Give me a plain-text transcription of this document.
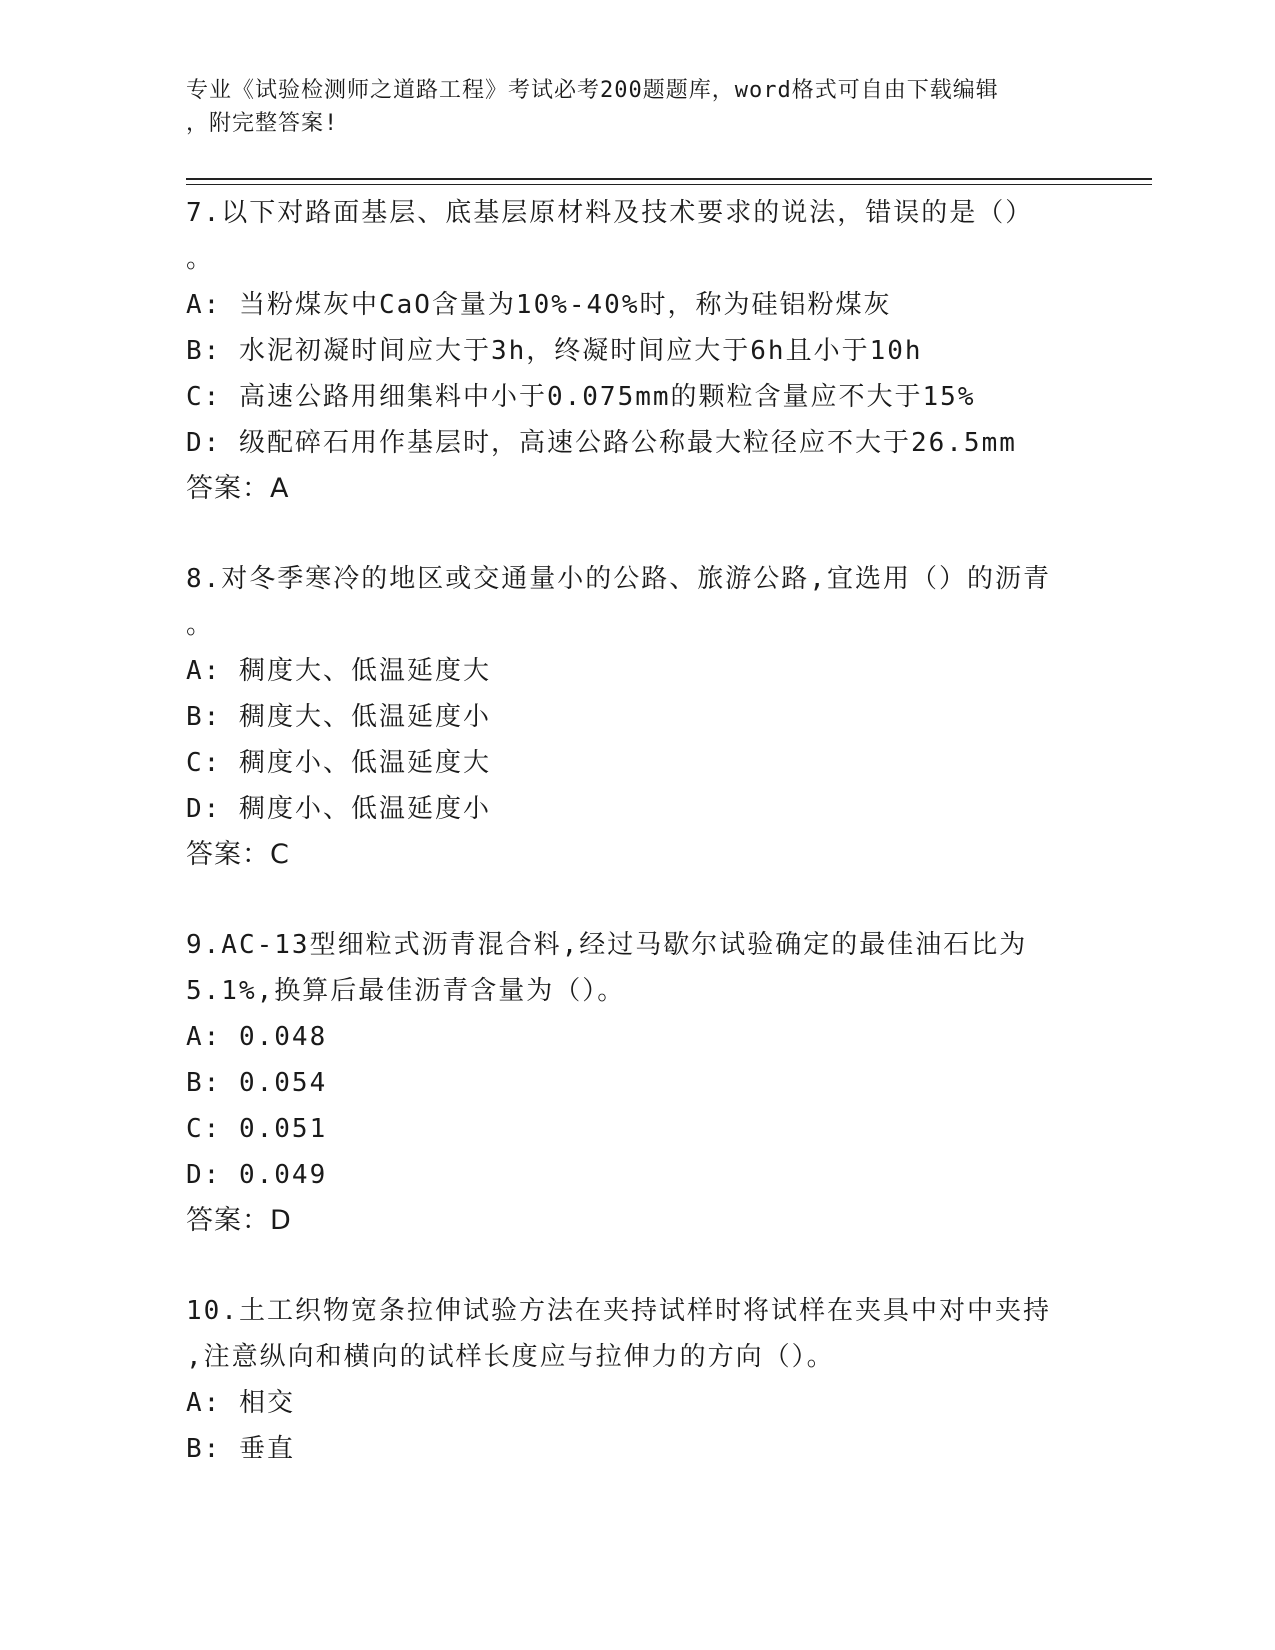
专业《试验检测师之道路工程》考试必考200题题库，word格式可自由下载编辑
，附完整答案!
7.以下对路面基层、底基层原材料及技术要求的说法，错误的是（）
。
A: 当粉煤灰中CaO含量为10%-40%时，称为硅铝粉煤灰
B: 水泥初凝时间应大于3h，终凝时间应大于6h且小于10h
C: 高速公路用细集料中小于0.075mm的颗粒含量应不大于15%
D: 级配碎石用作基层时，高速公路公称最大粒径应不大于26.5mm
答案：A
8.对冬季寒冷的地区或交通量小的公路、旅游公路,宜选用（）的沥青
。
A: 稠度大、低温延度大
B: 稠度大、低温延度小
C: 稠度小、低温延度大
D: 稠度小、低温延度小
答案：C
9.AC-13型细粒式沥青混合料,经过马歇尔试验确定的最佳油石比为
5.1%,换算后最佳沥青含量为（）。
A: 0.048
B: 0.054
C: 0.051
D: 0.049
答案：D
10.土工织物宽条拉伸试验方法在夹持试样时将试样在夹具中对中夹持
,注意纵向和横向的试样长度应与拉伸力的方向（）。
A: 相交
B: 垂直
